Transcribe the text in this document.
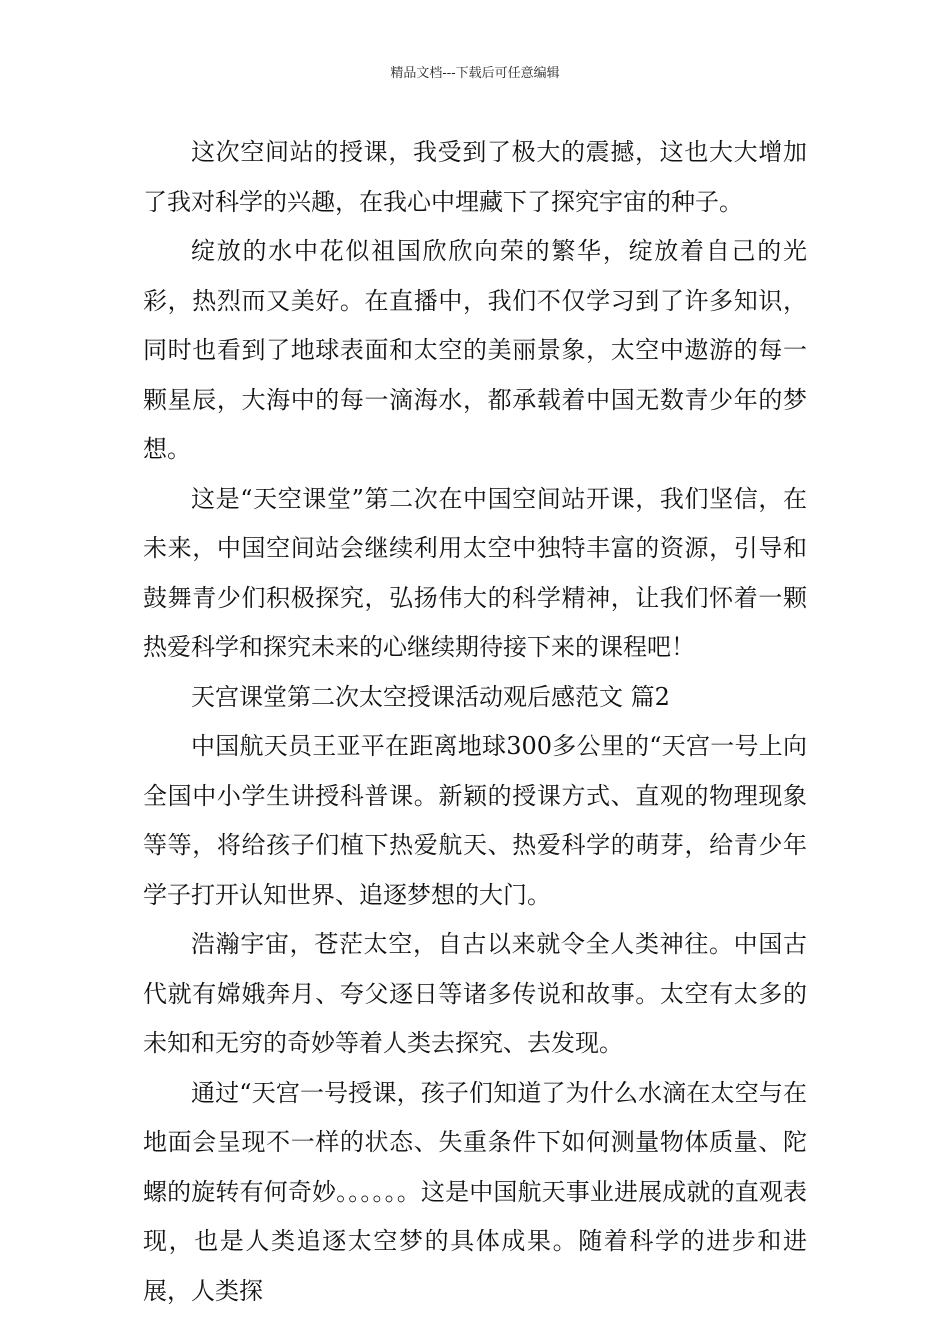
精品文档---下载后可任意编辑

这次空间站的授课，我受到了极大的震撼，这也大大增加了我对科学的兴趣，在我心中埋藏下了探究宇宙的种子。

绽放的水中花似祖国欣欣向荣的繁华，绽放着自己的光彩，热烈而又美好。在直播中，我们不仅学习到了许多知识，同时也看到了地球表面和太空的美丽景象，太空中遨游的每一颗星辰，大海中的每一滴海水，都承载着中国无数青少年的梦想。

这是“天空课堂”第二次在中国空间站开课，我们坚信，在未来，中国空间站会继续利用太空中独特丰富的资源，引导和鼓舞青少们积极探究，弘扬伟大的科学精神，让我们怀着一颗热爱科学和探究未来的心继续期待接下来的课程吧！

天宫课堂第二次太空授课活动观后感范文 篇2

中国航天员王亚平在距离地球300多公里的“天宫一号上向全国中小学生讲授科普课。新颖的授课方式、直观的物理现象等等，将给孩子们植下热爱航天、热爱科学的萌芽，给青少年学子打开认知世界、追逐梦想的大门。

浩瀚宇宙，苍茫太空，自古以来就令全人类神往。中国古代就有嫦娥奔月、夸父逐日等诸多传说和故事。太空有太多的未知和无穷的奇妙等着人类去探究、去发现。

通过“天宫一号授课，孩子们知道了为什么水滴在太空与在地面会呈现不一样的状态、失重条件下如何测量物体质量、陀螺的旋转有何奇妙。。。。。。这是中国航天事业进展成就的直观表现，也是人类追逐太空梦的具体成果。随着科学的进步和进展，人类探
